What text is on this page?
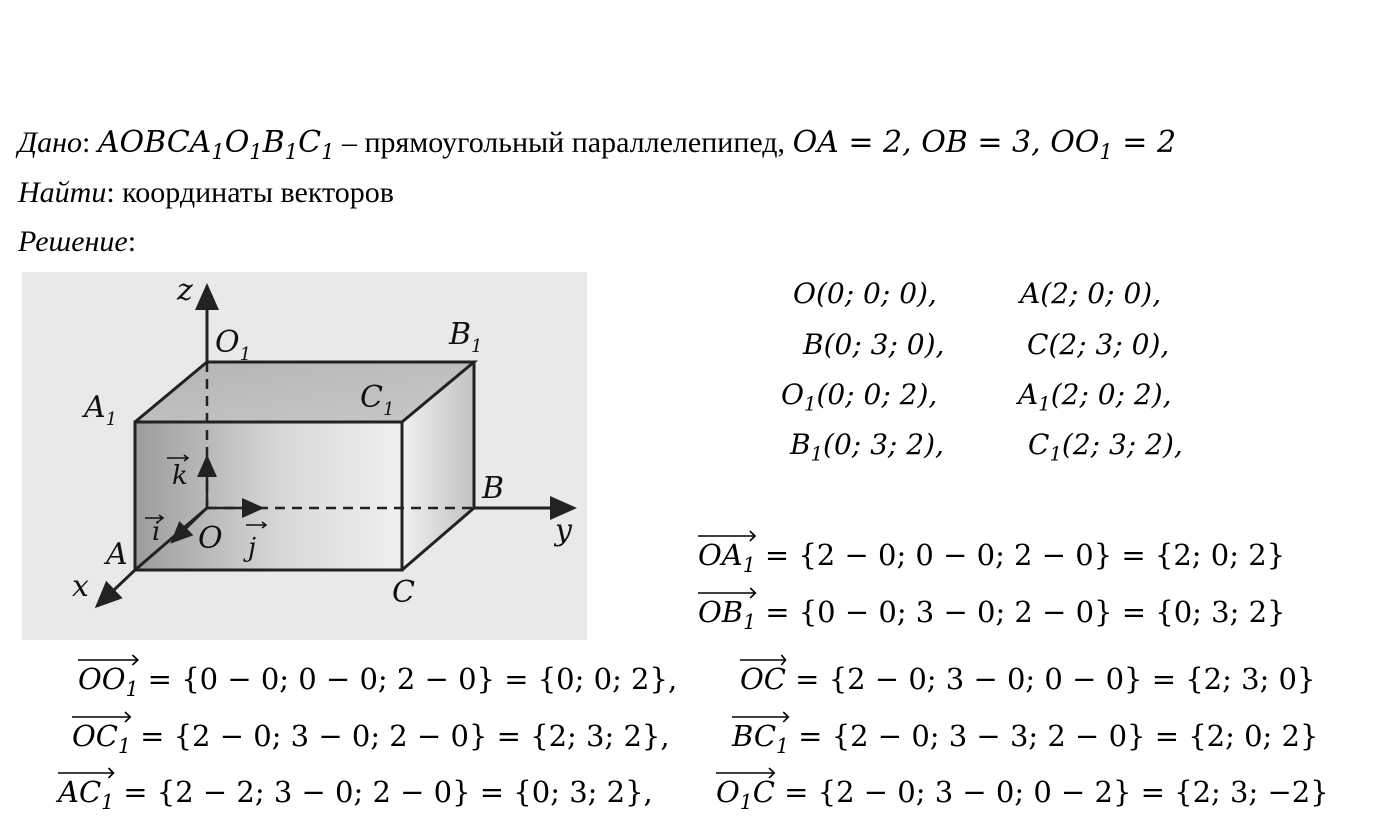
Дано: $AOBCA_1O_1B_1C_1$ – прямоугольный параллелепипед, OA = 2, OB = 3, $OO_1 = 2$
Найти: координаты векторов
Решение:
z
$O_1$
$B_1$
$A_1$
$C_1$
k
i O j
B
y
A
x	C
O(0; 0; 0),	A(2; 0; 0),
B(0; 3; 0),	C(2; 3; 0),
$O_1(0$; 0; 2),	$A_1(2$; 0; 2),
$B_1(0$; 3; 2),	$C_1(2$; 3; 2),
$OA_1$
= {2 − 0; 0 − 0; 2 − 0} = {2; 0; 2}
$OB_1$
= {0 − 0; 3 − 0; 2 − 0} = {0; 3; 2}
$OO_1$
= {0 − 0; 0 − 0; 2 − 0} = {0; 0; 2}, OC
= {2 − 0; 3 − 0; 0 − 0} = {2; 3; 0}
$OC_1$
= {2 − 0; 3 − 0; 2 − 0} = {2; 3; 2}, $BC_1$
= {2 − 0; 3 − 3; 2 − 0} = {2; 0; 2}
$AC_1$
= {2 − 2; 3 − 0; 2 − 0} = {0; 3; 2}, $O_1C$
= {2 − 0; 3 − 0; 0 − 2} = {2; 3; −2}
